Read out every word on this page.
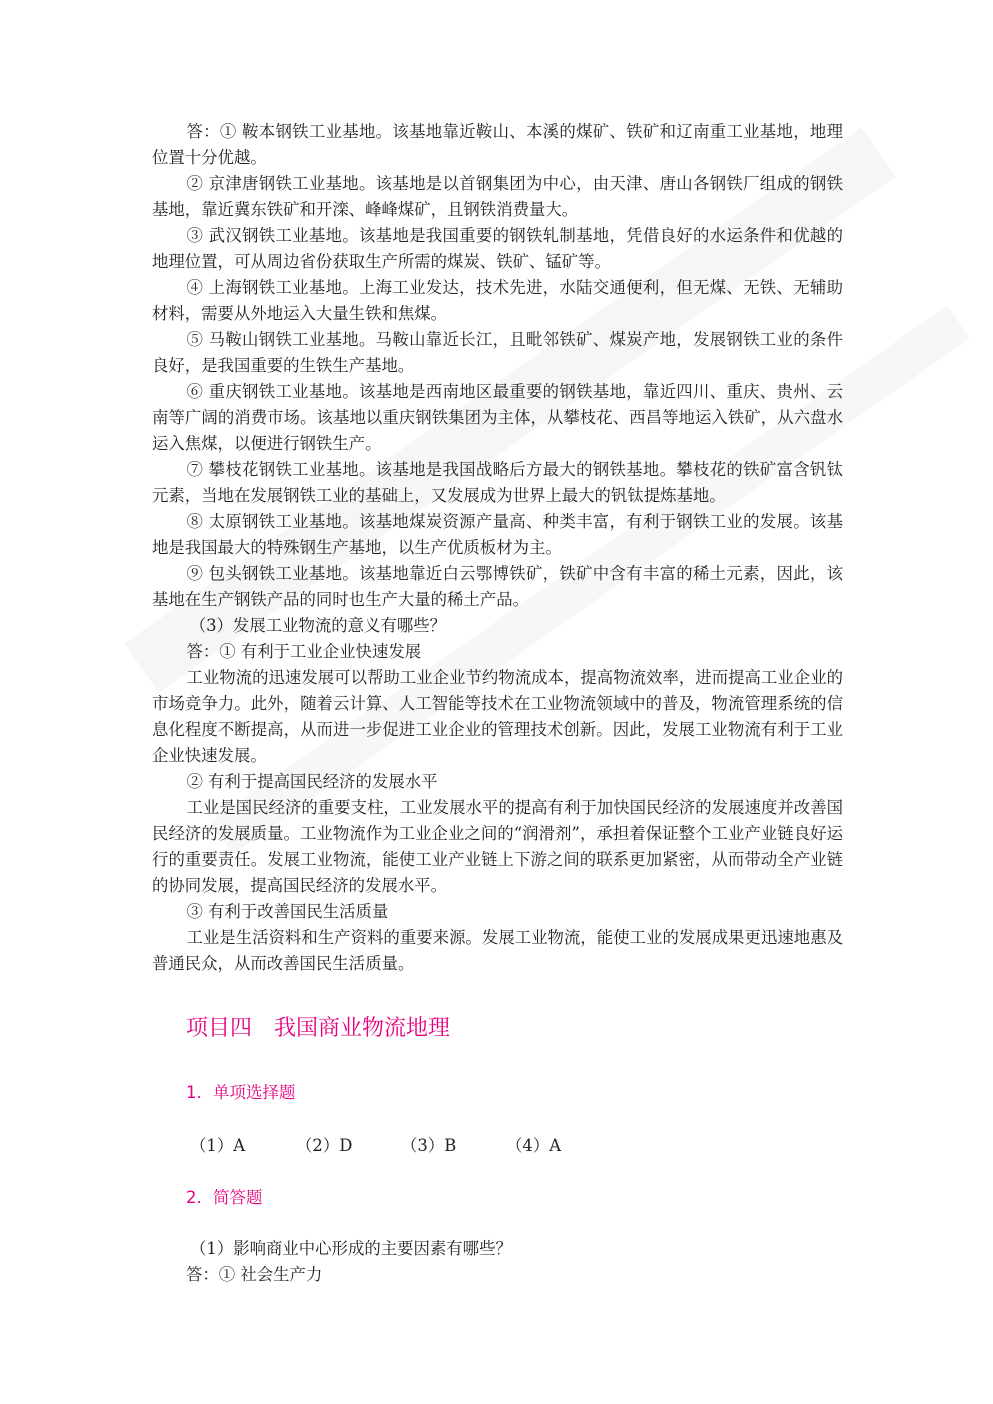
答：① 鞍本钢铁工业基地。该基地靠近鞍山、本溪的煤矿、铁矿和辽南重工业基地，地理位置十分优越。

② 京津唐钢铁工业基地。该基地是以首钢集团为中心，由天津、唐山各钢铁厂组成的钢铁基地，靠近冀东铁矿和开滦、峰峰煤矿，且钢铁消费量大。

③ 武汉钢铁工业基地。该基地是我国重要的钢铁轧制基地，凭借良好的水运条件和优越的地理位置，可从周边省份获取生产所需的煤炭、铁矿、锰矿等。

④ 上海钢铁工业基地。上海工业发达，技术先进，水陆交通便利，但无煤、无铁、无辅助材料，需要从外地运入大量生铁和焦煤。

⑤ 马鞍山钢铁工业基地。马鞍山靠近长江，且毗邻铁矿、煤炭产地，发展钢铁工业的条件良好，是我国重要的生铁生产基地。

⑥ 重庆钢铁工业基地。该基地是西南地区最重要的钢铁基地，靠近四川、重庆、贵州、云南等广阔的消费市场。该基地以重庆钢铁集团为主体，从攀枝花、西昌等地运入铁矿，从六盘水运入焦煤，以便进行钢铁生产。

⑦ 攀枝花钢铁工业基地。该基地是我国战略后方最大的钢铁基地。攀枝花的铁矿富含钒钛元素，当地在发展钢铁工业的基础上，又发展成为世界上最大的钒钛提炼基地。

⑧ 太原钢铁工业基地。该基地煤炭资源产量高、种类丰富，有利于钢铁工业的发展。该基地是我国最大的特殊钢生产基地，以生产优质板材为主。

⑨ 包头钢铁工业基地。该基地靠近白云鄂博铁矿，铁矿中含有丰富的稀土元素，因此，该基地在生产钢铁产品的同时也生产大量的稀土产品。

（3）发展工业物流的意义有哪些？

答：① 有利于工业企业快速发展

工业物流的迅速发展可以帮助工业企业节约物流成本，提高物流效率，进而提高工业企业的市场竞争力。此外，随着云计算、人工智能等技术在工业物流领域中的普及，物流管理系统的信息化程度不断提高，从而进一步促进工业企业的管理技术创新。因此，发展工业物流有利于工业企业快速发展。

② 有利于提高国民经济的发展水平

工业是国民经济的重要支柱，工业发展水平的提高有利于加快国民经济的发展速度并改善国民经济的发展质量。工业物流作为工业企业之间的“润滑剂”，承担着保证整个工业产业链良好运行的重要责任。发展工业物流，能使工业产业链上下游之间的联系更加紧密，从而带动全产业链的协同发展，提高国民经济的发展水平。

③ 有利于改善国民生活质量

工业是生活资料和生产资料的重要来源。发展工业物流，能使工业的发展成果更迅速地惠及普通民众，从而改善国民生活质量。

项目四　我国商业物流地理
1．单项选择题
（1）A	（2）D	（3）B	（4）A
2．简答题
（1）影响商业中心形成的主要因素有哪些？
答：① 社会生产力
